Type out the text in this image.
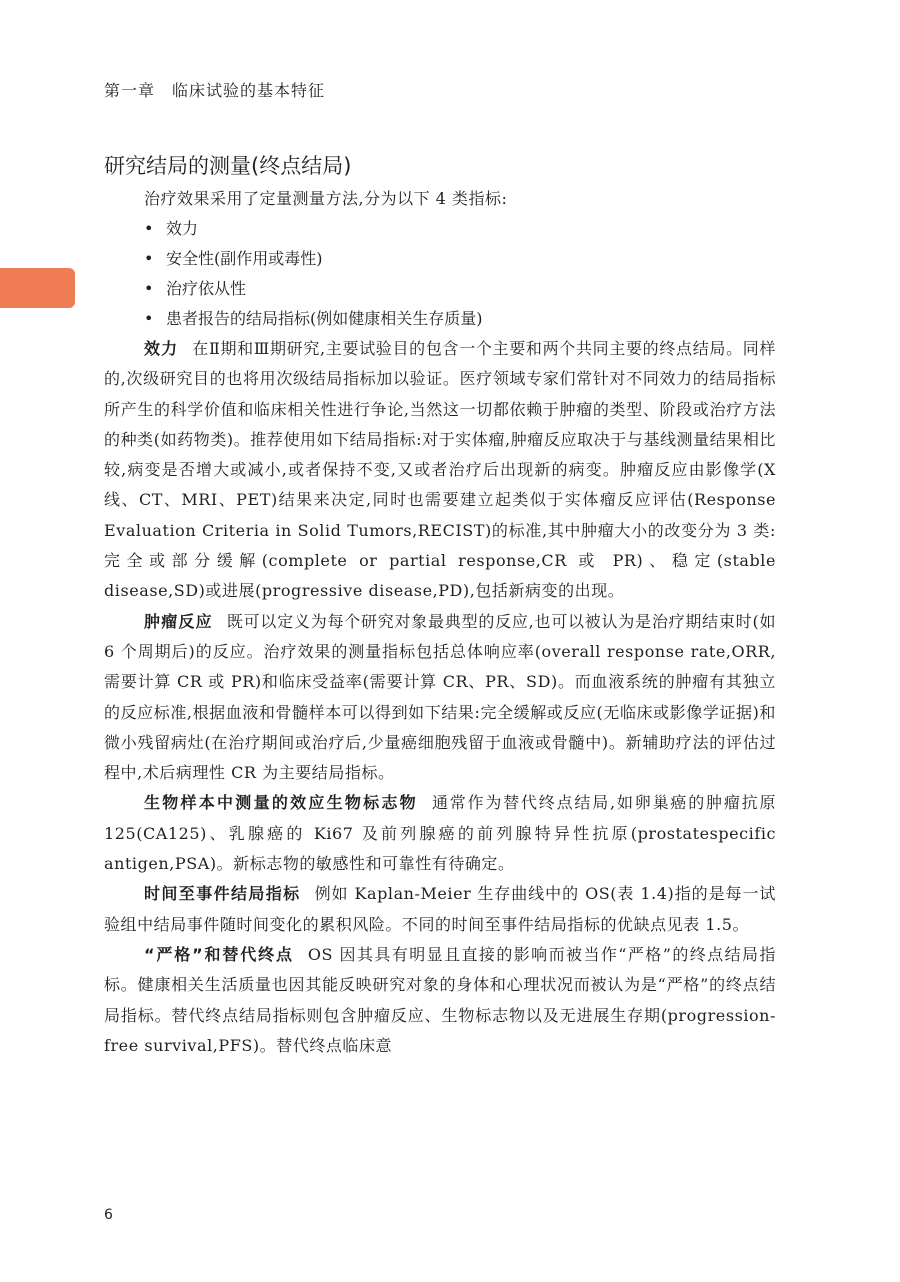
第一章　临床试验的基本特征
研究结局的测量(终点结局)

治疗效果采用了定量测量方法,分为以下 4 类指标:

• 效力
• 安全性(副作用或毒性)
• 治疗依从性
• 患者报告的结局指标(例如健康相关生存质量)

效力 在Ⅱ期和Ⅲ期研究,主要试验目的包含一个主要和两个共同主要的终点结局。同样的,次级研究目的也将用次级结局指标加以验证。医疗领域专家们常针对不同效力的结局指标所产生的科学价值和临床相关性进行争论,当然这一切都依赖于肿瘤的类型、阶段或治疗方法的种类(如药物类)。推荐使用如下结局指标:对于实体瘤,肿瘤反应取决于与基线测量结果相比较,病变是否增大或减小,或者保持不变,又或者治疗后出现新的病变。肿瘤反应由影像学(X 线、CT、MRI、PET)结果来决定,同时也需要建立起类似于实体瘤反应评估(Response Evaluation Criteria in Solid Tumors,RECIST)的标准,其中肿瘤大小的改变分为 3 类:完全或部分缓解(complete or partial response,CR 或 PR)、稳定(stable disease,SD)或进展(progressive disease,PD),包括新病变的出现。

肿瘤反应 既可以定义为每个研究对象最典型的反应,也可以被认为是治疗期结束时(如 6 个周期后)的反应。治疗效果的测量指标包括总体响应率(overall response rate,ORR,需要计算 CR 或 PR)和临床受益率(需要计算 CR、PR、SD)。而血液系统的肿瘤有其独立的反应标准,根据血液和骨髓样本可以得到如下结果:完全缓解或反应(无临床或影像学证据)和微小残留病灶(在治疗期间或治疗后,少量癌细胞残留于血液或骨髓中)。新辅助疗法的评估过程中,术后病理性 CR 为主要结局指标。

生物样本中测量的效应生物标志物 通常作为替代终点结局,如卵巢癌的肿瘤抗原 125(CA125)、乳腺癌的 Ki67 及前列腺癌的前列腺特异性抗原(prostatespecific antigen,PSA)。新标志物的敏感性和可靠性有待确定。

时间至事件结局指标 例如 Kaplan-Meier 生存曲线中的 OS(表 1.4)指的是每一试验组中结局事件随时间变化的累积风险。不同的时间至事件结局指标的优缺点见表 1.5。

“严格”和替代终点 OS 因其具有明显且直接的影响而被当作“严格”的终点结局指标。健康相关生活质量也因其能反映研究对象的身体和心理状况而被认为是“严格”的终点结局指标。替代终点结局指标则包含肿瘤反应、生物标志物以及无进展生存期(progression-free survival,PFS)。替代终点临床意

6
